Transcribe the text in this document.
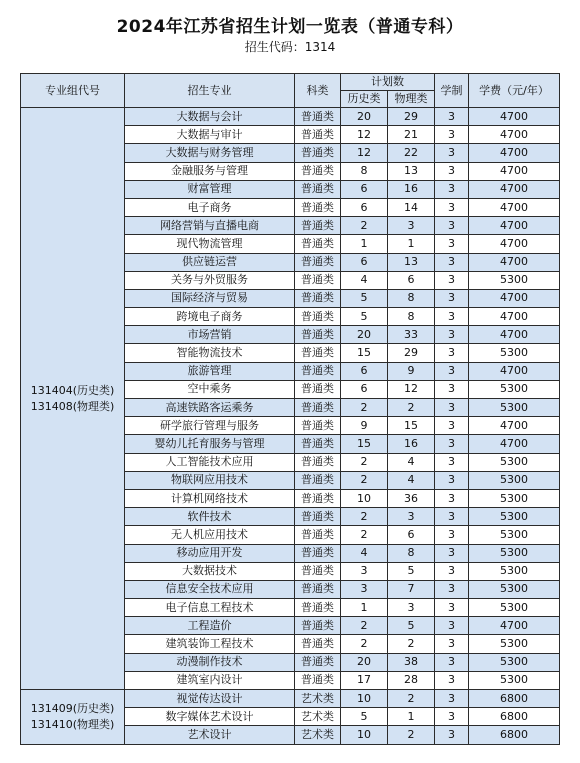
2024年江苏省招生计划一览表（普通专科）
招生代码：1314
专业组代号	招生专业	科类	计划数		学制	学费（元/年）
			历史类	物理类		

131404(历史类)
131408(物理类)	大数据与会计	普通类	20	29	3	4700
	大数据与审计	普通类	12	21	3	4700
	大数据与财务管理	普通类	12	22	3	4700
	金融服务与管理	普通类	8	13	3	4700
	财富管理	普通类	6	16	3	4700
	电子商务	普通类	6	14	3	4700
	网络营销与直播电商	普通类	2	3	3	4700
	现代物流管理	普通类	1	1	3	4700
	供应链运营	普通类	6	13	3	4700
	关务与外贸服务	普通类	4	6	3	5300
	国际经济与贸易	普通类	5	8	3	4700
	跨境电子商务	普通类	5	8	3	4700
	市场营销	普通类	20	33	3	4700
	智能物流技术	普通类	15	29	3	5300
	旅游管理	普通类	6	9	3	4700
	空中乘务	普通类	6	12	3	5300
	高速铁路客运乘务	普通类	2	2	3	5300
	研学旅行管理与服务	普通类	9	15	3	4700
	婴幼儿托育服务与管理	普通类	15	16	3	4700
	人工智能技术应用	普通类	2	4	3	5300
	物联网应用技术	普通类	2	4	3	5300
	计算机网络技术	普通类	10	36	3	5300
	软件技术	普通类	2	3	3	5300
	无人机应用技术	普通类	2	6	3	5300
	移动应用开发	普通类	4	8	3	5300
	大数据技术	普通类	3	5	3	5300
	信息安全技术应用	普通类	3	7	3	5300
	电子信息工程技术	普通类	1	3	3	5300
	工程造价	普通类	2	5	3	4700
	建筑装饰工程技术	普通类	2	2	3	5300
	动漫制作技术	普通类	20	38	3	5300
	建筑室内设计	普通类	17	28	3	5300

131409(历史类)
131410(物理类)	视觉传达设计	艺术类	10	2	3	6800
	数字媒体艺术设计	艺术类	5	1	3	6800
	艺术设计	艺术类	10	2	3	6800
